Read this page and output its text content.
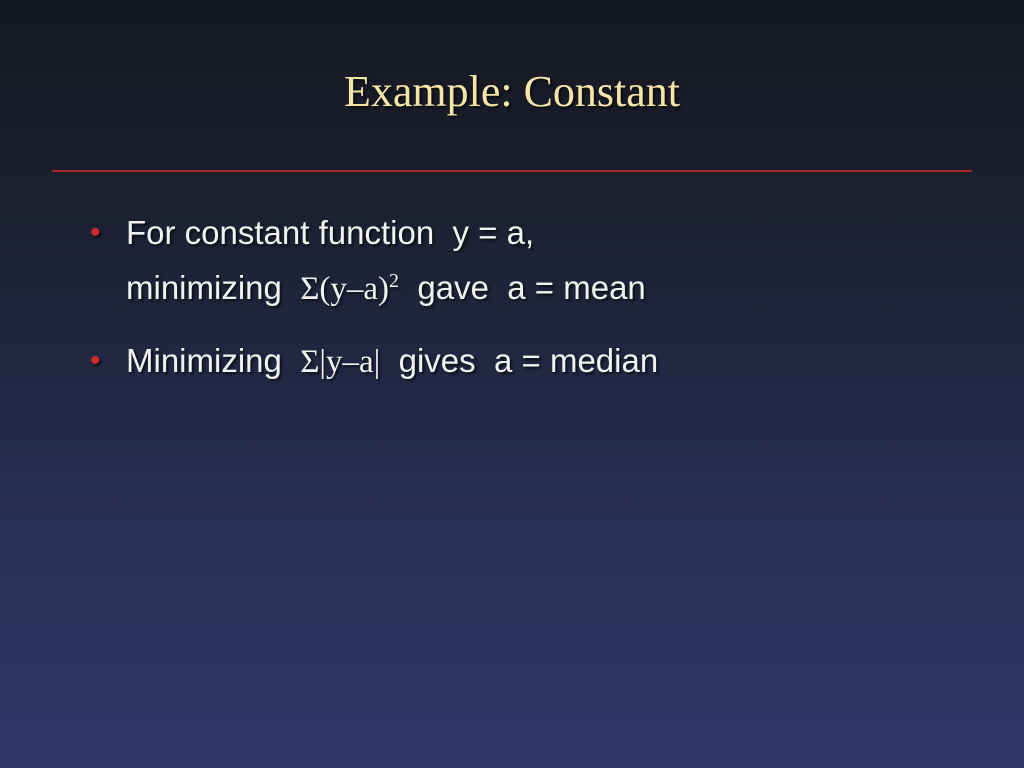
Example: Constant
• For constant function  y = a,
minimizing  $\Sigma(y-a)^2$  gave  a = mean
• Minimizing  Σ|y–a|  gives  a = median
